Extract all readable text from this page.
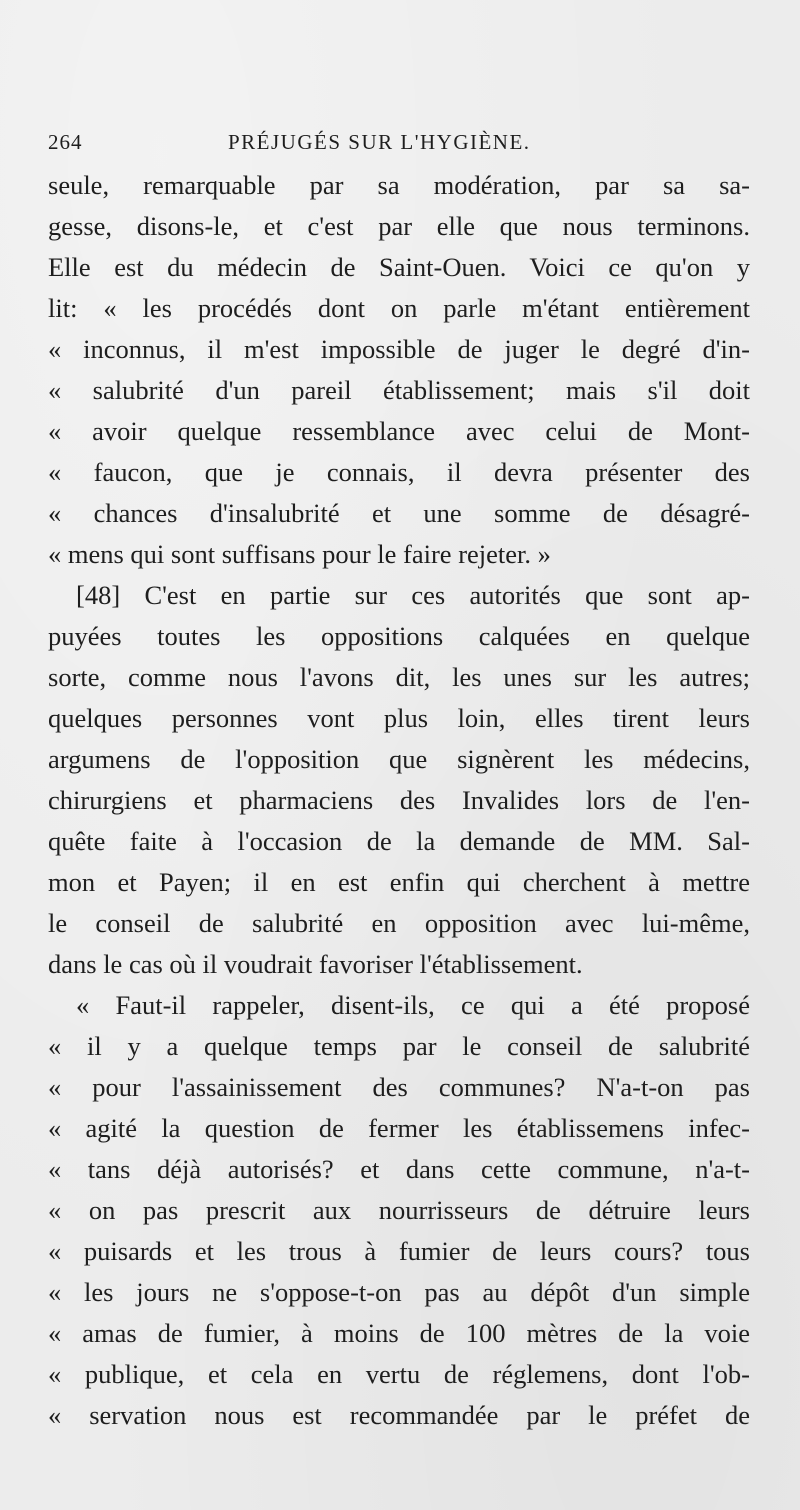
264	PRÉJUGÉS SUR L'HYGIÈNE.
seule, remarquable par sa modération, par sa sa-
gesse, disons-le, et c'est par elle que nous terminons.
Elle est du médecin de Saint-Ouen. Voici ce qu'on y
lit: « les procédés dont on parle m'étant entièrement
« inconnus, il m'est impossible de juger le degré d'in-
« salubrité d'un pareil établissement; mais s'il doit
« avoir quelque ressemblance avec celui de Mont-
« faucon, que je connais, il devra présenter des
« chances d'insalubrité et une somme de désagré-
« mens qui sont suffisans pour le faire rejeter. »
[48] C'est en partie sur ces autorités que sont ap-
puyées toutes les oppositions calquées en quelque
sorte, comme nous l'avons dit, les unes sur les autres;
quelques personnes vont plus loin, elles tirent leurs
argumens de l'opposition que signèrent les médecins,
chirurgiens et pharmaciens des Invalides lors de l'en-
quête faite à l'occasion de la demande de MM. Sal-
mon et Payen; il en est enfin qui cherchent à mettre
le conseil de salubrité en opposition avec lui-même,
dans le cas où il voudrait favoriser l'établissement.
« Faut-il rappeler, disent-ils, ce qui a été proposé
« il y a quelque temps par le conseil de salubrité
« pour l'assainissement des communes? N'a-t-on pas
« agité la question de fermer les établissemens infec-
« tans déjà autorisés? et dans cette commune, n'a-t-
« on pas prescrit aux nourrisseurs de détruire leurs
« puisards et les trous à fumier de leurs cours? tous
« les jours ne s'oppose-t-on pas au dépôt d'un simple
« amas de fumier, à moins de 100 mètres de la voie
« publique, et cela en vertu de réglemens, dont l'ob-
« servation nous est recommandée par le préfet de
